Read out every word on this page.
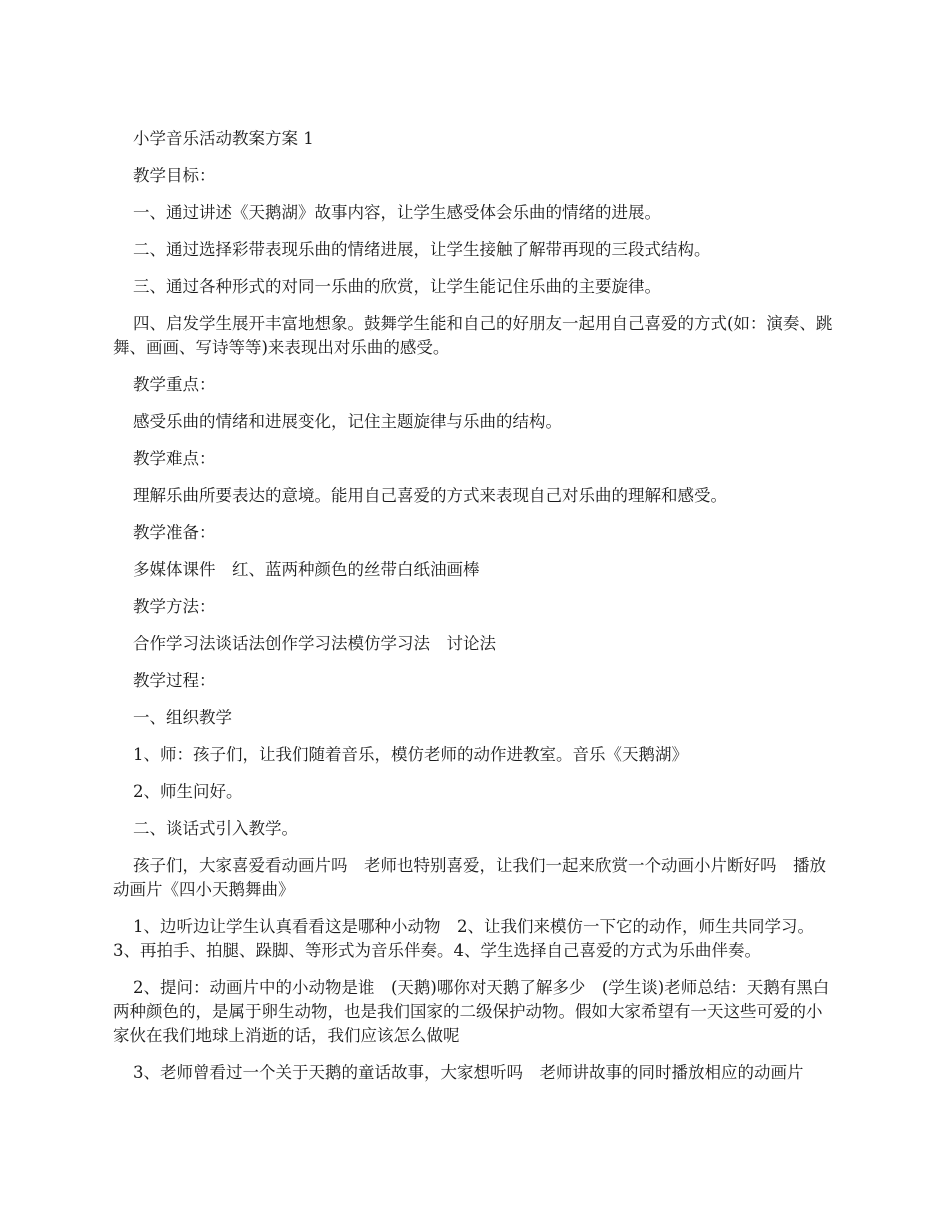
小学音乐活动教案方案 1

教学目标：

一、通过讲述《天鹅湖》故事内容，让学生感受体会乐曲的情绪的进展。

二、通过选择彩带表现乐曲的情绪进展，让学生接触了解带再现的三段式结构。

三、通过各种形式的对同一乐曲的欣赏，让学生能记住乐曲的主要旋律。

四、启发学生展开丰富地想象。鼓舞学生能和自己的好朋友一起用自己喜爱的方式(如：演奏、跳舞、画画、写诗等等)来表现出对乐曲的感受。

教学重点：

感受乐曲的情绪和进展变化，记住主题旋律与乐曲的结构。

教学难点：

理解乐曲所要表达的意境。能用自己喜爱的方式来表现自己对乐曲的理解和感受。

教学准备：

多媒体课件　红、蓝两种颜色的丝带白纸油画棒

教学方法：

合作学习法谈话法创作学习法模仿学习法　讨论法

教学过程：

一、组织教学

1、师：孩子们，让我们随着音乐，模仿老师的动作进教室。音乐《天鹅湖》

2、师生问好。

二、谈话式引入教学。

孩子们，大家喜爱看动画片吗　老师也特别喜爱，让我们一起来欣赏一个动画小片断好吗　播放动画片《四小天鹅舞曲》

1、边听边让学生认真看看这是哪种小动物　2、让我们来模仿一下它的动作，师生共同学习。3、再拍手、拍腿、跺脚、等形式为音乐伴奏。4、学生选择自己喜爱的方式为乐曲伴奏。

2、提问：动画片中的小动物是谁　(天鹅)哪你对天鹅了解多少　(学生谈)老师总结：天鹅有黑白两种颜色的，是属于卵生动物，也是我们国家的二级保护动物。假如大家希望有一天这些可爱的小家伙在我们地球上消逝的话，我们应该怎么做呢

3、老师曾看过一个关于天鹅的童话故事，大家想听吗　老师讲故事的同时播放相应的动画片
